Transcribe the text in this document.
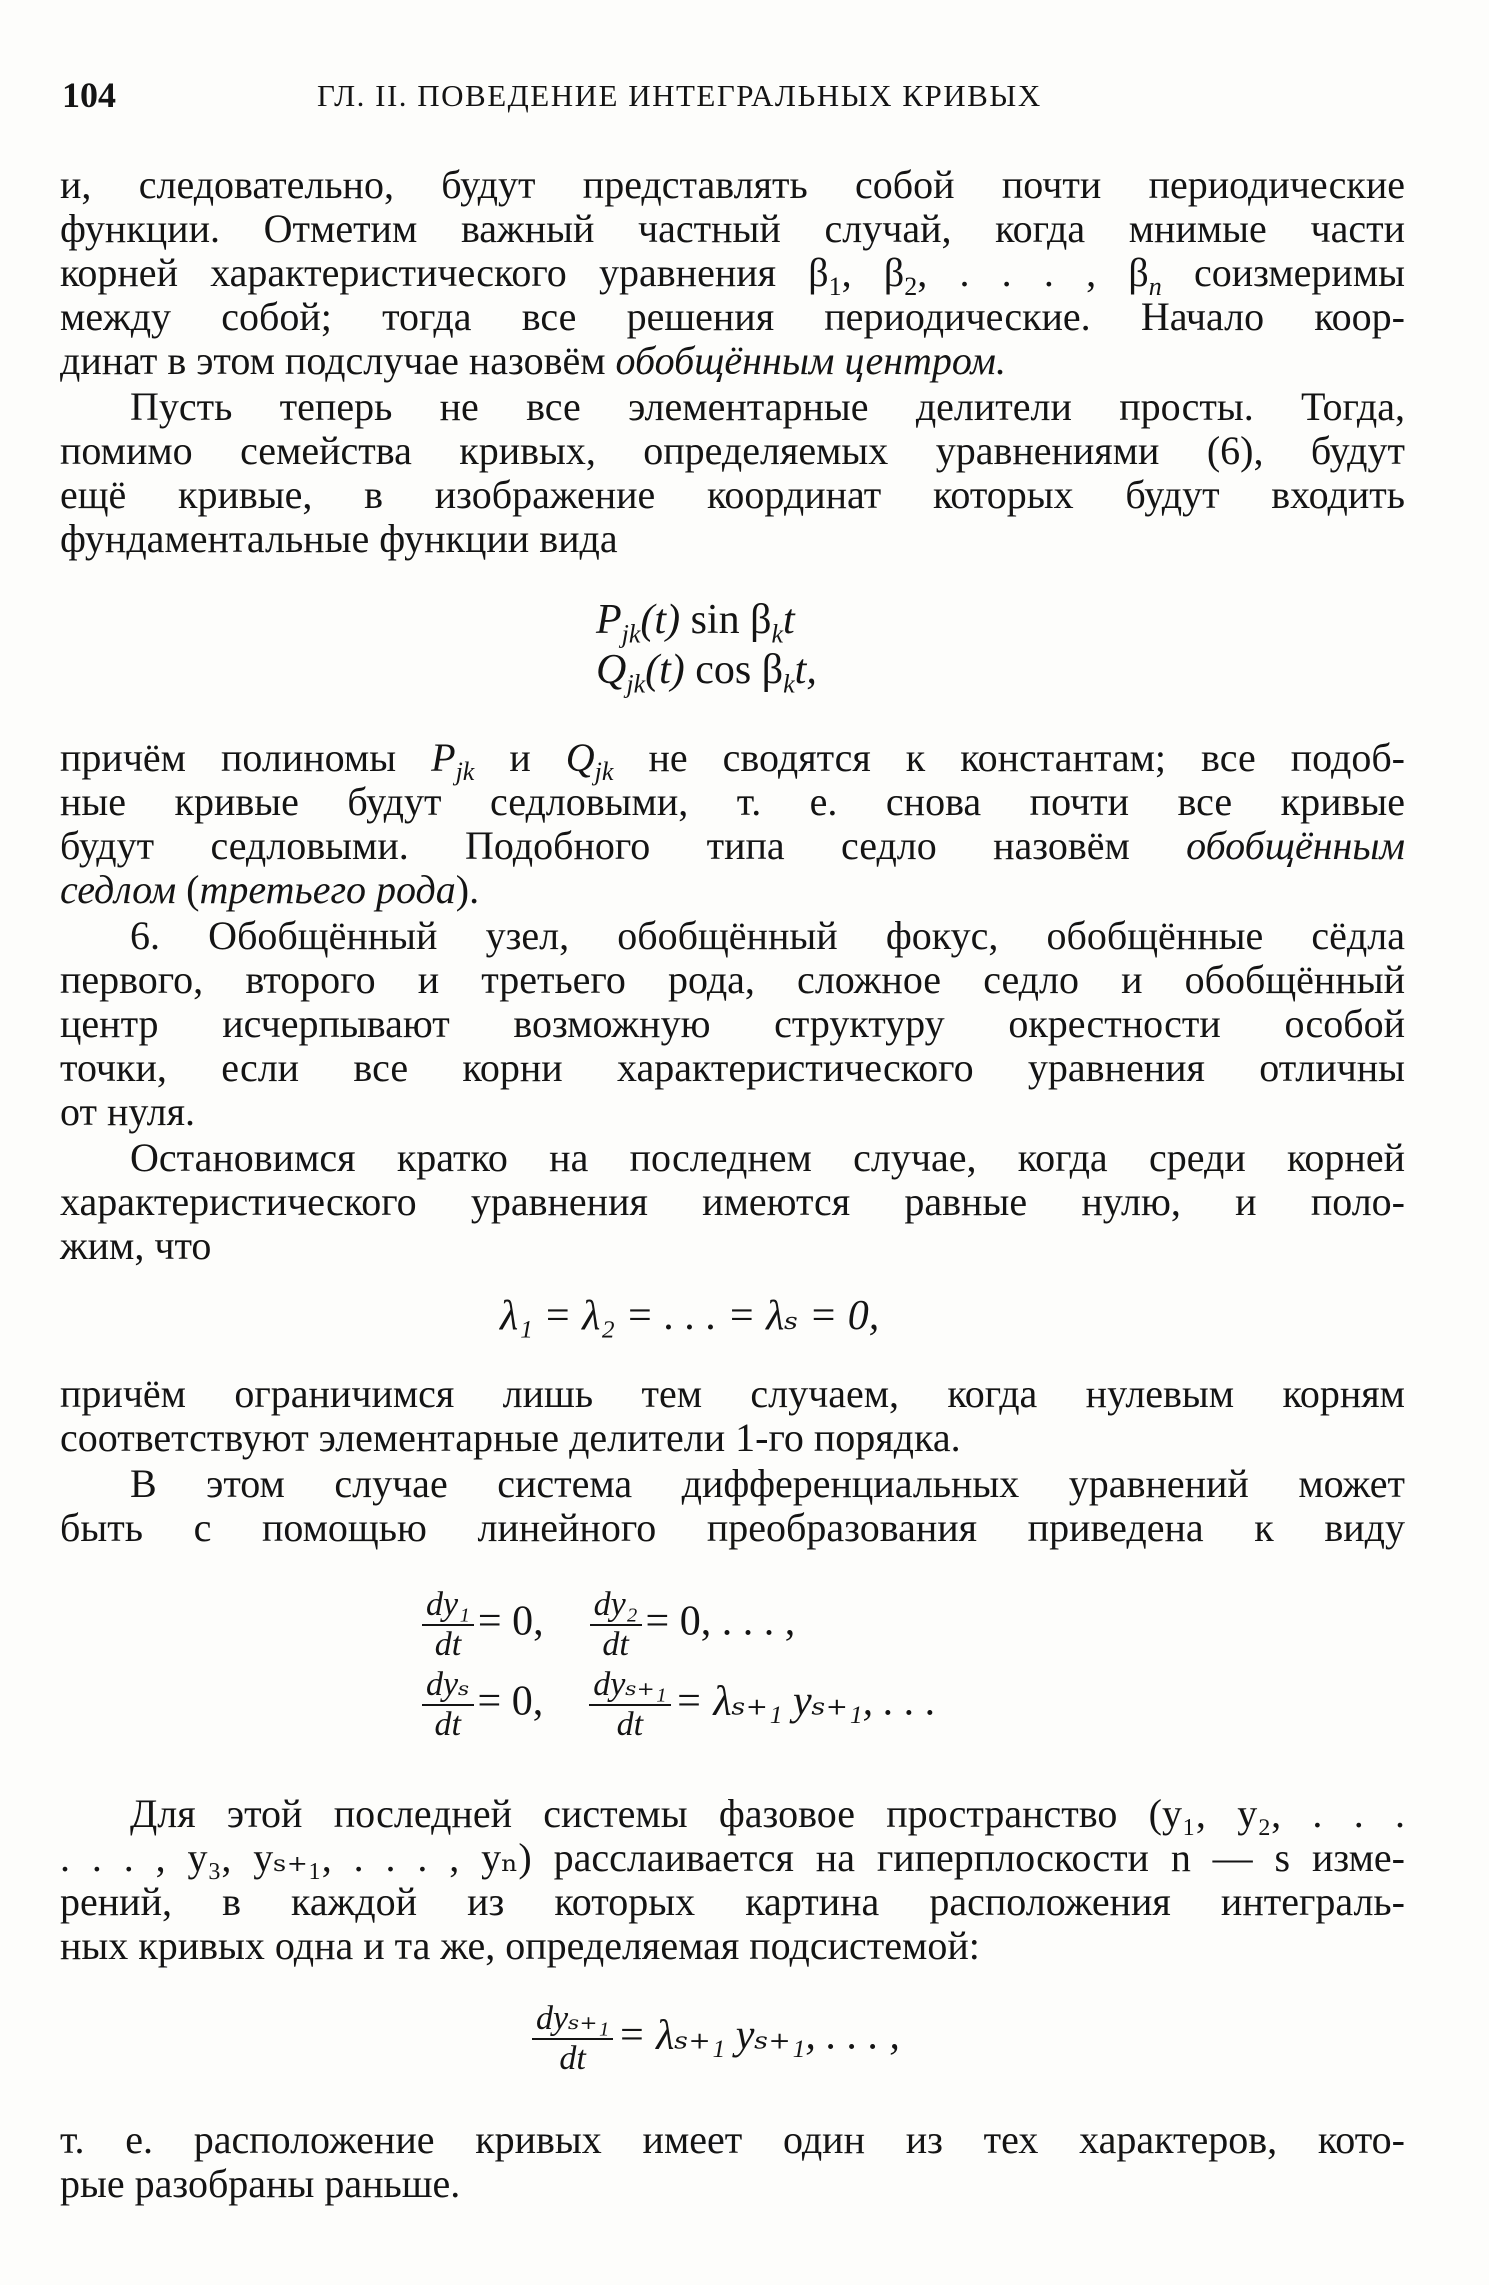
104	ГЛ. II. ПОВЕДЕНИЕ ИНТЕГРАЛЬНЫХ КРИВЫХ
и, следовательно, будут представлять собой почти периодические
функции. Отметим важный частный случай, когда мнимые части
корней характеристического уравнения $\beta_1$, $\beta_2$, . . . , $\beta_n$ соизмеримы
между собой; тогда все решения периодические. Начало коор-
динат в этом подслучае назовём обобщённым центром.
Пусть теперь не все элементарные делители просты. Тогда,
помимо семейства кривых, определяемых уравнениями (6), будут
ещё кривые, в изображение координат которых будут входить
фундаментальные функции вида
$P_{jk}(t)$ $\sin \beta_kt$
$Q_{jk}(t)$ $\cos \beta_kt$,
причём полиномы $P_{jk}$ и $Q_{jk}$ не сводятся к константам; все подоб-
ные кривые будут седловыми, т. е. снова почти все кривые
будут седловыми. Подобного типа седло назовём обобщённым
седлом (третьего рода).
6. Обобщённый узел, обобщённый фокус, обобщённые сёдла
первого, второго и третьего рода, сложное седло и обобщённый
центр исчерпывают возможную структуру окрестности особой
точки, если все корни характеристического уравнения отличны
от нуля.
Остановимся кратко на последнем случае, когда среди корней
характеристического уравнения имеются равные нулю, и поло-
жим, что
λ₁ = λ₂ = . . . = λₛ = 0,
причём ограничимся лишь тем случаем, когда нулевым корням
соответствуют элементарные делители 1-го порядка.
В этом случае система дифференциальных уравнений может
быть с помощью линейного преобразования приведена к виду
$\frac{\text{dy₁}}{dt} = 0$, $\frac{\text{dy₂}}{dt} = 0$, . . . ,
$\frac{\text{dyₛ}}{dt} = 0$, $\frac{\text{dyₛ₊₁}}{dt} = \lambda_{s+1}$ yₛ₊₁, . . .
Для этой последней системы фазовое пространство (y₁, y₂, . . .
. . . , y₃, yₛ₊₁, . . . , yₙ) расслаивается на гиперплоскости n — s изме-
рений, в каждой из которых картина расположения интеграль-
ных кривых одна и та же, определяемая подсистемой:
$\frac{\text{dyₛ₊₁}}{dt} = \lambda_{s+1}$ yₛ₊₁, . . . ,
т. е. расположение кривых имеет один из тех характеров, кото-
рые разобраны раньше.
